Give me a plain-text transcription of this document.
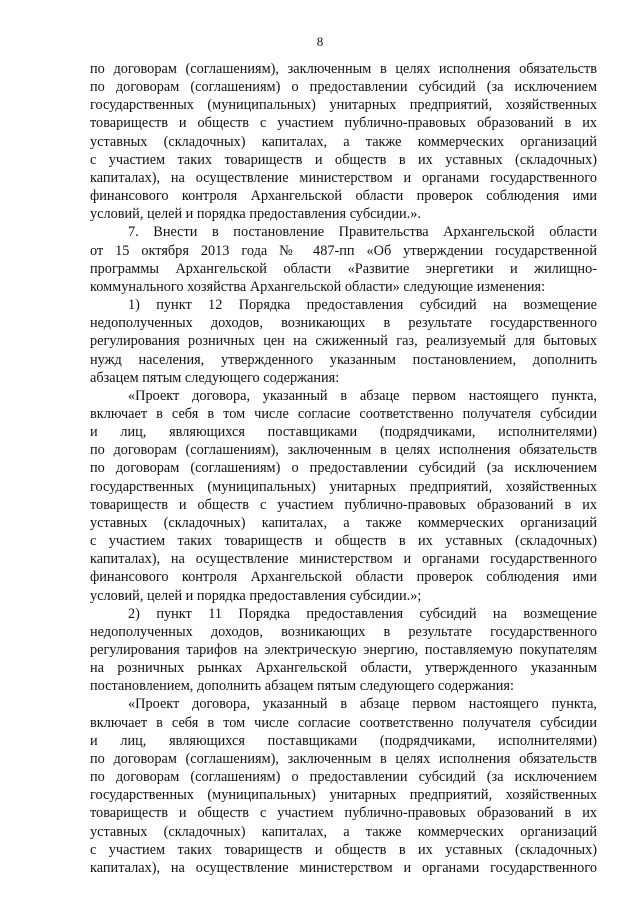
8

по договорам (соглашениям), заключенным в целях исполнения обязательств
по договорам (соглашениям) о предоставлении субсидий (за исключением
государственных (муниципальных) унитарных предприятий, хозяйственных
товариществ и обществ с участием публично-правовых образований в их
уставных (складочных) капиталах, а также коммерческих организаций
с участием таких товариществ и обществ в их уставных (складочных)
капиталах), на осуществление министерством и органами государственного
финансового контроля Архангельской области проверок соблюдения ими
условий, целей и порядка предоставления субсидии.».

7. Внести в постановление Правительства Архангельской области
от 15 октября 2013 года № 487-пп «Об утверждении государственной
программы Архангельской области «Развитие энергетики и жилищно-
коммунального хозяйства Архангельской области» следующие изменения:

1) пункт 12 Порядка предоставления субсидий на возмещение
недополученных доходов, возникающих в результате государственного
регулирования розничных цен на сжиженный газ, реализуемый для бытовых
нужд населения, утвержденного указанным постановлением, дополнить
абзацем пятым следующего содержания:

«Проект договора, указанный в абзаце первом настоящего пункта,
включает в себя в том числе согласие соответственно получателя субсидии
и лиц, являющихся поставщиками (подрядчиками, исполнителями)
по договорам (соглашениям), заключенным в целях исполнения обязательств
по договорам (соглашениям) о предоставлении субсидий (за исключением
государственных (муниципальных) унитарных предприятий, хозяйственных
товариществ и обществ с участием публично-правовых образований в их
уставных (складочных) капиталах, а также коммерческих организаций
с участием таких товариществ и обществ в их уставных (складочных)
капиталах), на осуществление министерством и органами государственного
финансового контроля Архангельской области проверок соблюдения ими
условий, целей и порядка предоставления субсидии.»;

2) пункт 11 Порядка предоставления субсидий на возмещение
недополученных доходов, возникающих в результате государственного
регулирования тарифов на электрическую энергию, поставляемую покупателям
на розничных рынках Архангельской области, утвержденного указанным
постановлением, дополнить абзацем пятым следующего содержания:

«Проект договора, указанный в абзаце первом настоящего пункта,
включает в себя в том числе согласие соответственно получателя субсидии
и лиц, являющихся поставщиками (подрядчиками, исполнителями)
по договорам (соглашениям), заключенным в целях исполнения обязательств
по договорам (соглашениям) о предоставлении субсидий (за исключением
государственных (муниципальных) унитарных предприятий, хозяйственных
товариществ и обществ с участием публично-правовых образований в их
уставных (складочных) капиталах, а также коммерческих организаций
с участием таких товариществ и обществ в их уставных (складочных)
капиталах), на осуществление министерством и органами государственного
